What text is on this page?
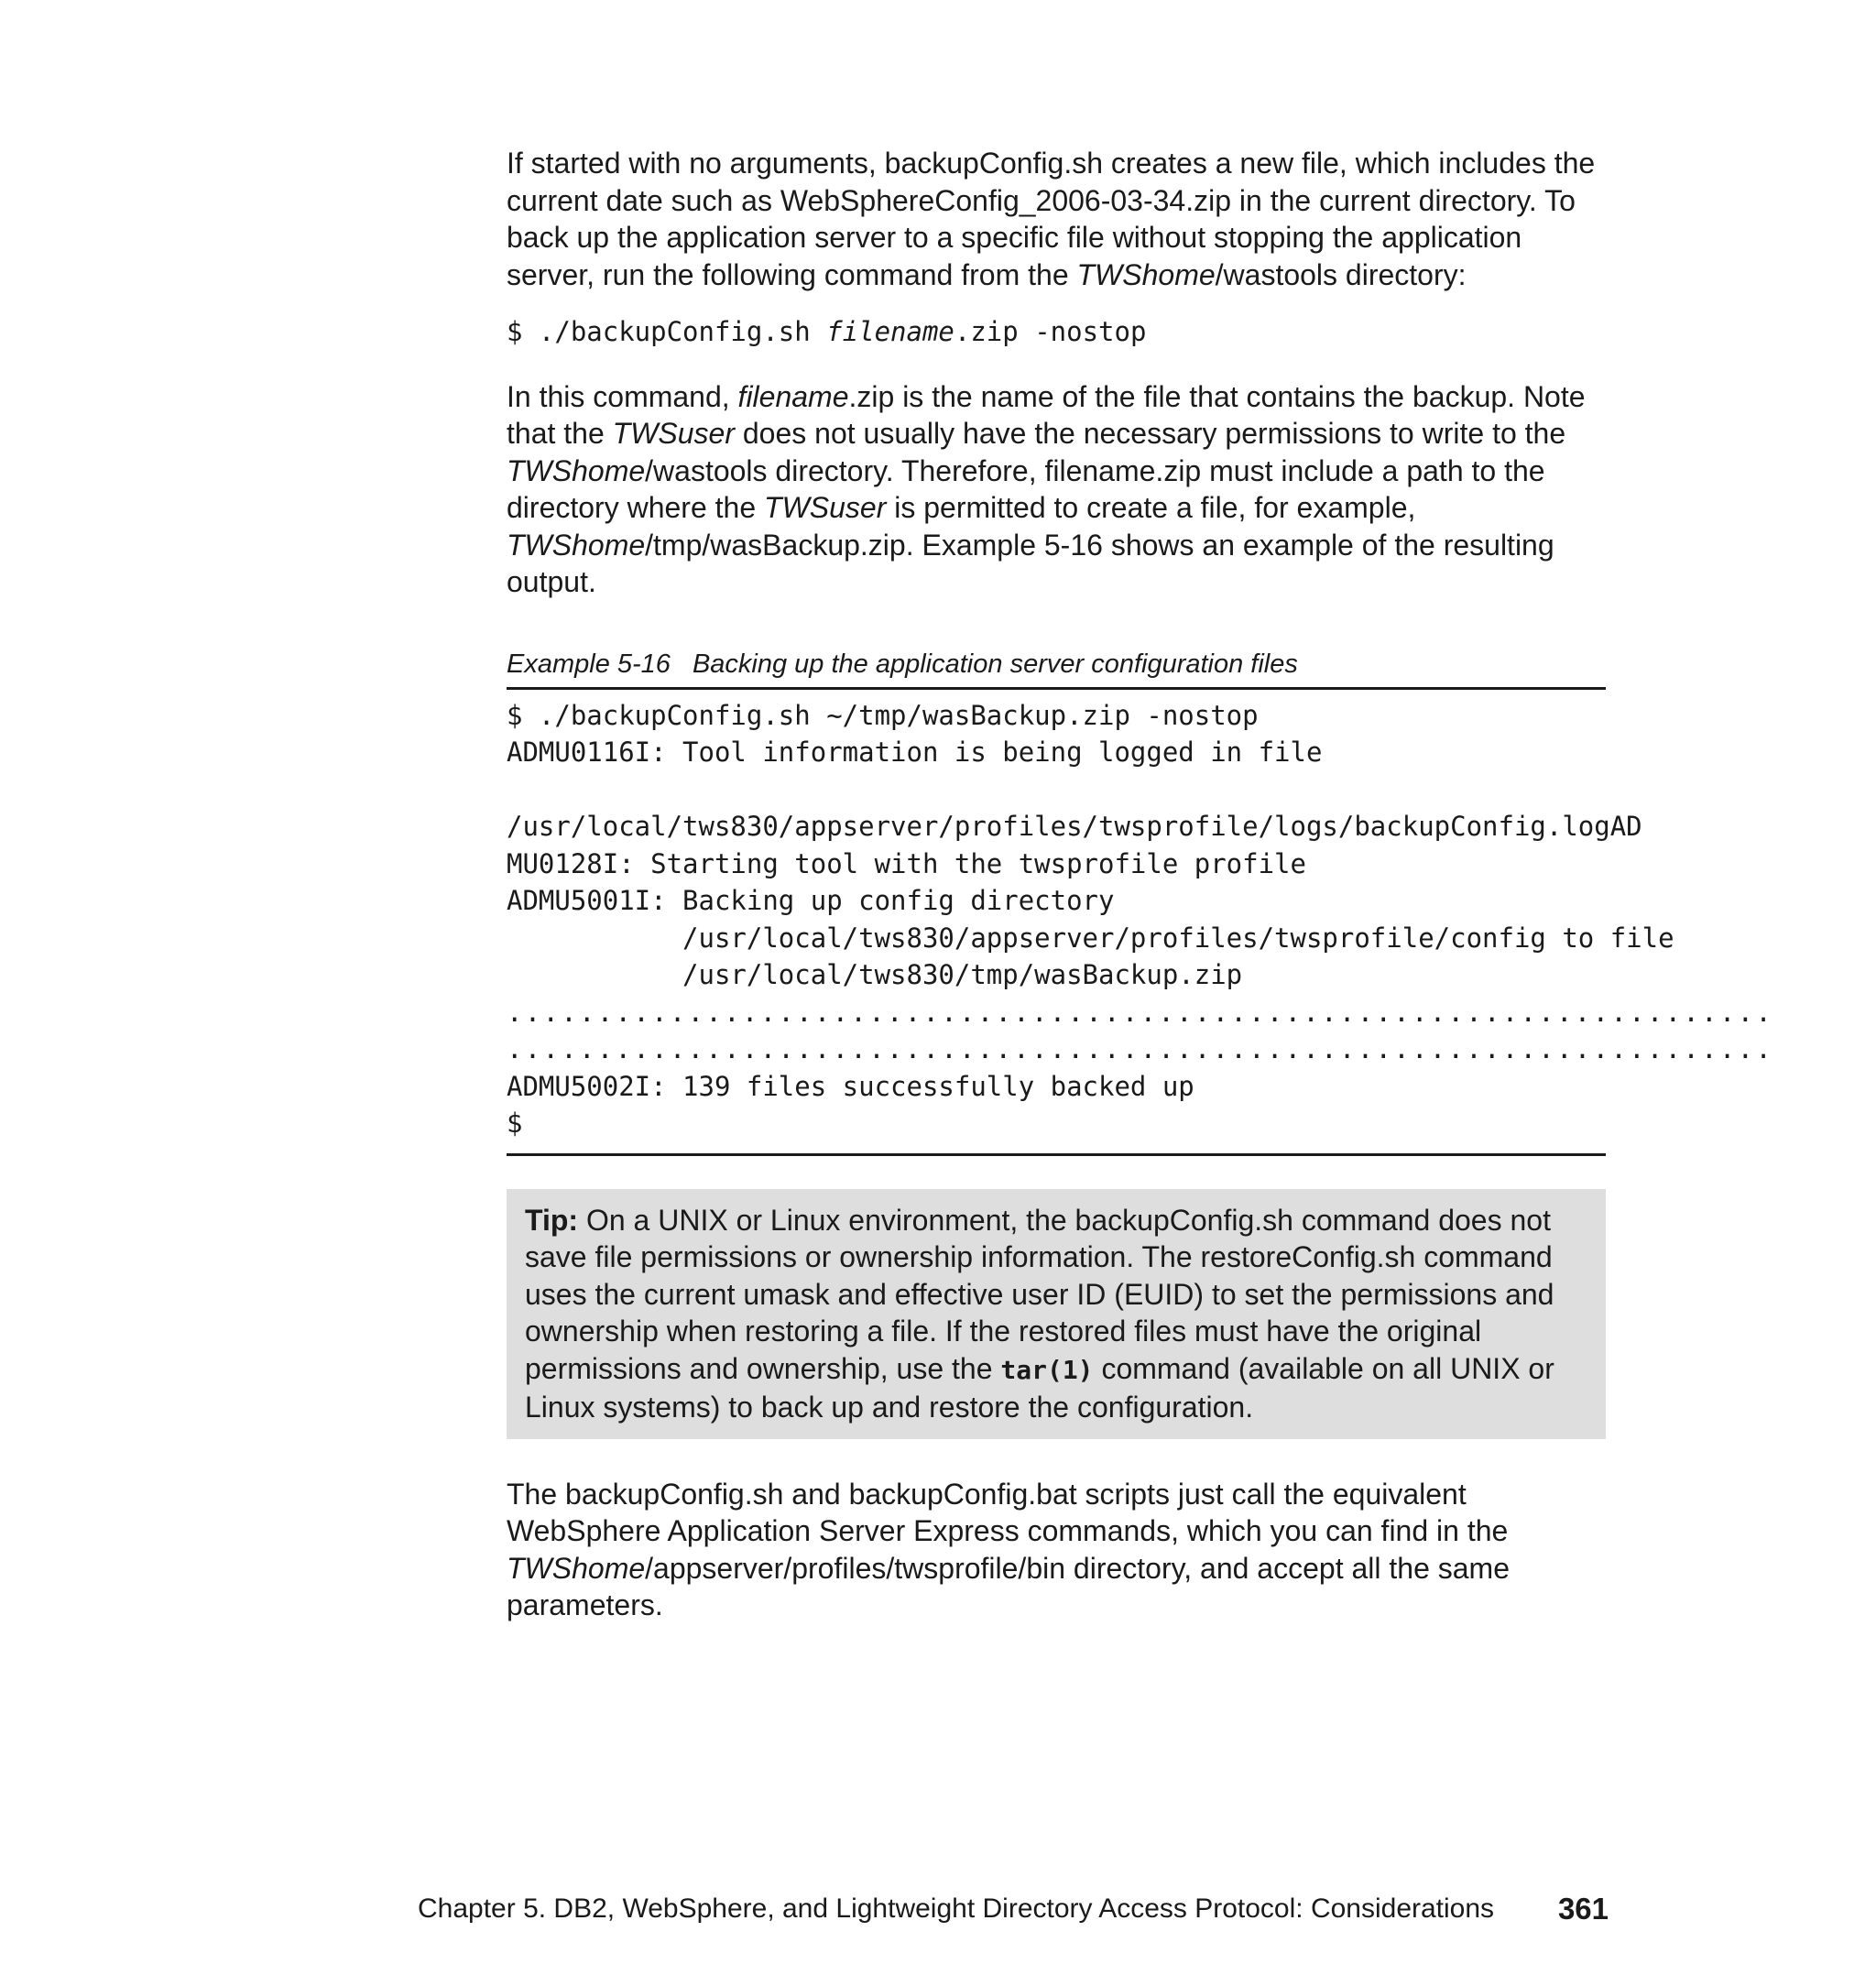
If started with no arguments, backupConfig.sh creates a new file, which includes the current date such as WebSphereConfig_2006-03-34.zip in the current directory. To back up the application server to a specific file without stopping the application server, run the following command from the TWShome/wastools directory:

$ ./backupConfig.sh filename.zip -nostop

In this command, filename.zip is the name of the file that contains the backup. Note that the TWSuser does not usually have the necessary permissions to write to the TWShome/wastools directory. Therefore, filename.zip must include a path to the directory where the TWSuser is permitted to create a file, for example, TWShome/tmp/wasBackup.zip. Example 5-16 shows an example of the resulting output.

Example 5-16 Backing up the application server configuration files
$ ./backupConfig.sh ~/tmp/wasBackup.zip -nostop
ADMU0116I: Tool information is being logged in file

/usr/local/tws830/appserver/profiles/twsprofile/logs/backupConfig.logAD
MU0128I: Starting tool with the twsprofile profile
ADMU5001I: Backing up config directory
/usr/local/tws830/appserver/profiles/twsprofile/config to file
/usr/local/tws830/tmp/wasBackup.zip
......................................................................
......................................................................
ADMU5002I: 139 files successfully backed up
$

Tip: On a UNIX or Linux environment, the backupConfig.sh command does not save file permissions or ownership information. The restoreConfig.sh command uses the current umask and effective user ID (EUID) to set the permissions and ownership when restoring a file. If the restored files must have the original permissions and ownership, use the tar(1) command (available on all UNIX or Linux systems) to back up and restore the configuration.

The backupConfig.sh and backupConfig.bat scripts just call the equivalent WebSphere Application Server Express commands, which you can find in the TWShome/appserver/profiles/twsprofile/bin directory, and accept all the same parameters.

Chapter 5. DB2, WebSphere, and Lightweight Directory Access Protocol: Considerations 361
